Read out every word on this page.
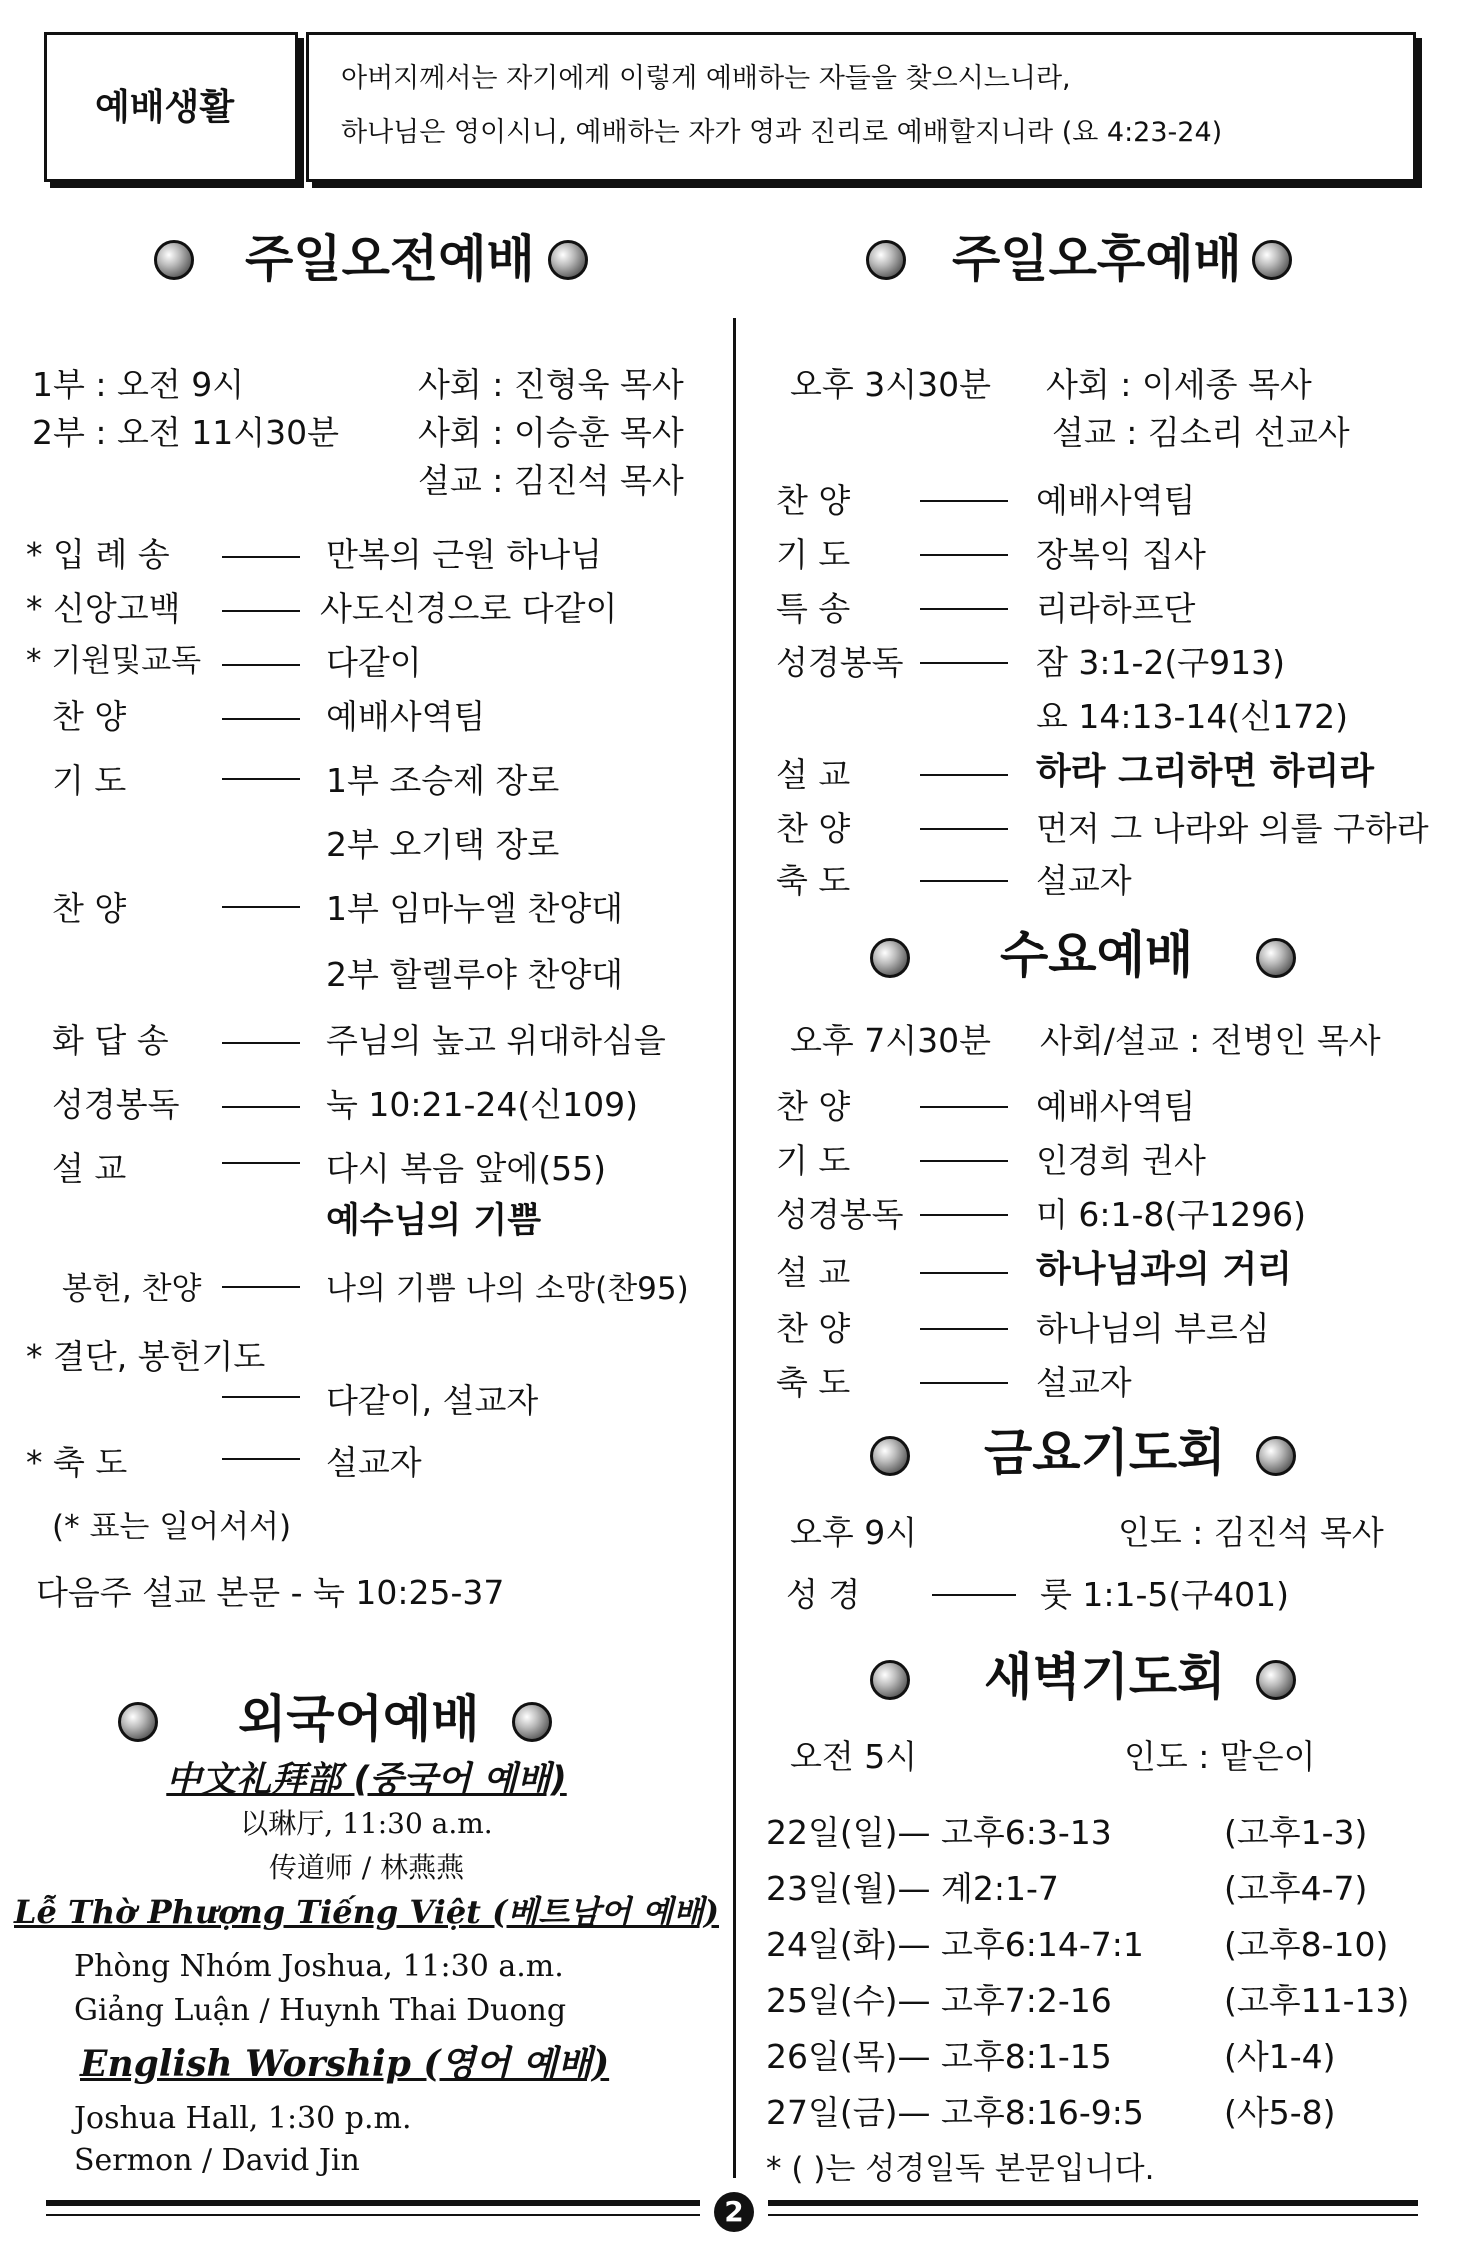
예배생활
아버지께서는 자기에게 이렇게 예배하는 자들을 찾으시느니라,
하나님은 영이시니, 예배하는 자가 영과 진리로 예배할지니라 (요 4:23-24)
주일오전예배	주일오후예배
1부 : 오전 9시	사회 : 진형욱 목사
2부 : 오전 11시30분 사회 : 이승훈 목사
설교 : 김진석 목사
* 입 례 송	만복의 근원 하나님
* 신앙고백	사도신경으로 다같이
* 기원및교독	다같이
찬 양	예배사역팀
기 도	1부 조승제 장로
2부 오기택 장로
찬 양	1부 임마누엘 찬양대
2부 할렐루야 찬양대
화 답 송	주님의 높고 위대하심을
성경봉독	눅 10:21-24(신109)
설 교	다시 복음 앞에(55)
예수님의 기쁨
봉헌, 찬양	나의 기쁨 나의 소망(찬95)
* 결단, 봉헌기도
다같이, 설교자
* 축 도	설교자
(* 표는 일어서서)
다음주 설교 본문 - 눅 10:25-37
외국어예배
中文礼拜部 (중국어 예배)
以琳厅, 11:30 a.m.
传道师 / 林燕燕
Lễ Thờ Phượng Tiếng Việt (베트남어 예배)
Phòng Nhóm Joshua, 11:30 a.m.
Giảng Luận / Huynh Thai Duong
English Worship (영어 예배)
Joshua Hall, 1:30 p.m.
Sermon / David Jin
오후 3시30분 사회 : 이세종 목사
설교 : 김소리 선교사
찬 양	예배사역팀
기 도	장복익 집사
특 송	리라하프단
성경봉독	잠 3:1-2(구913)
요 14:13-14(신172)
설 교	하라 그리하면 하리라
찬 양	먼저 그 나라와 의를 구하라
축 도	설교자
수요예배
오후 7시30분 사회/설교 : 전병인 목사
찬 양	예배사역팀
기 도	인경희 권사
성경봉독	미 6:1-8(구1296)
설 교	하나님과의 거리
찬 양	하나님의 부르심
축 도	설교자
금요기도회
오후 9시	인도 : 김진석 목사
성 경	룻 1:1-5(구401)
새벽기도회
오전 5시	인도 : 맡은이
22일(일)— 고후6:3-13	(고후1-3)
23일(월)— 계2:1-7	(고후4-7)
24일(화)— 고후6:14-7:1 (고후8-10)
25일(수)— 고후7:2-16	(고후11-13)
26일(목)— 고후8:1-15	(사1-4)
27일(금)— 고후8:16-9:5 (사5-8)
* ( )는 성경일독 본문입니다.
2
